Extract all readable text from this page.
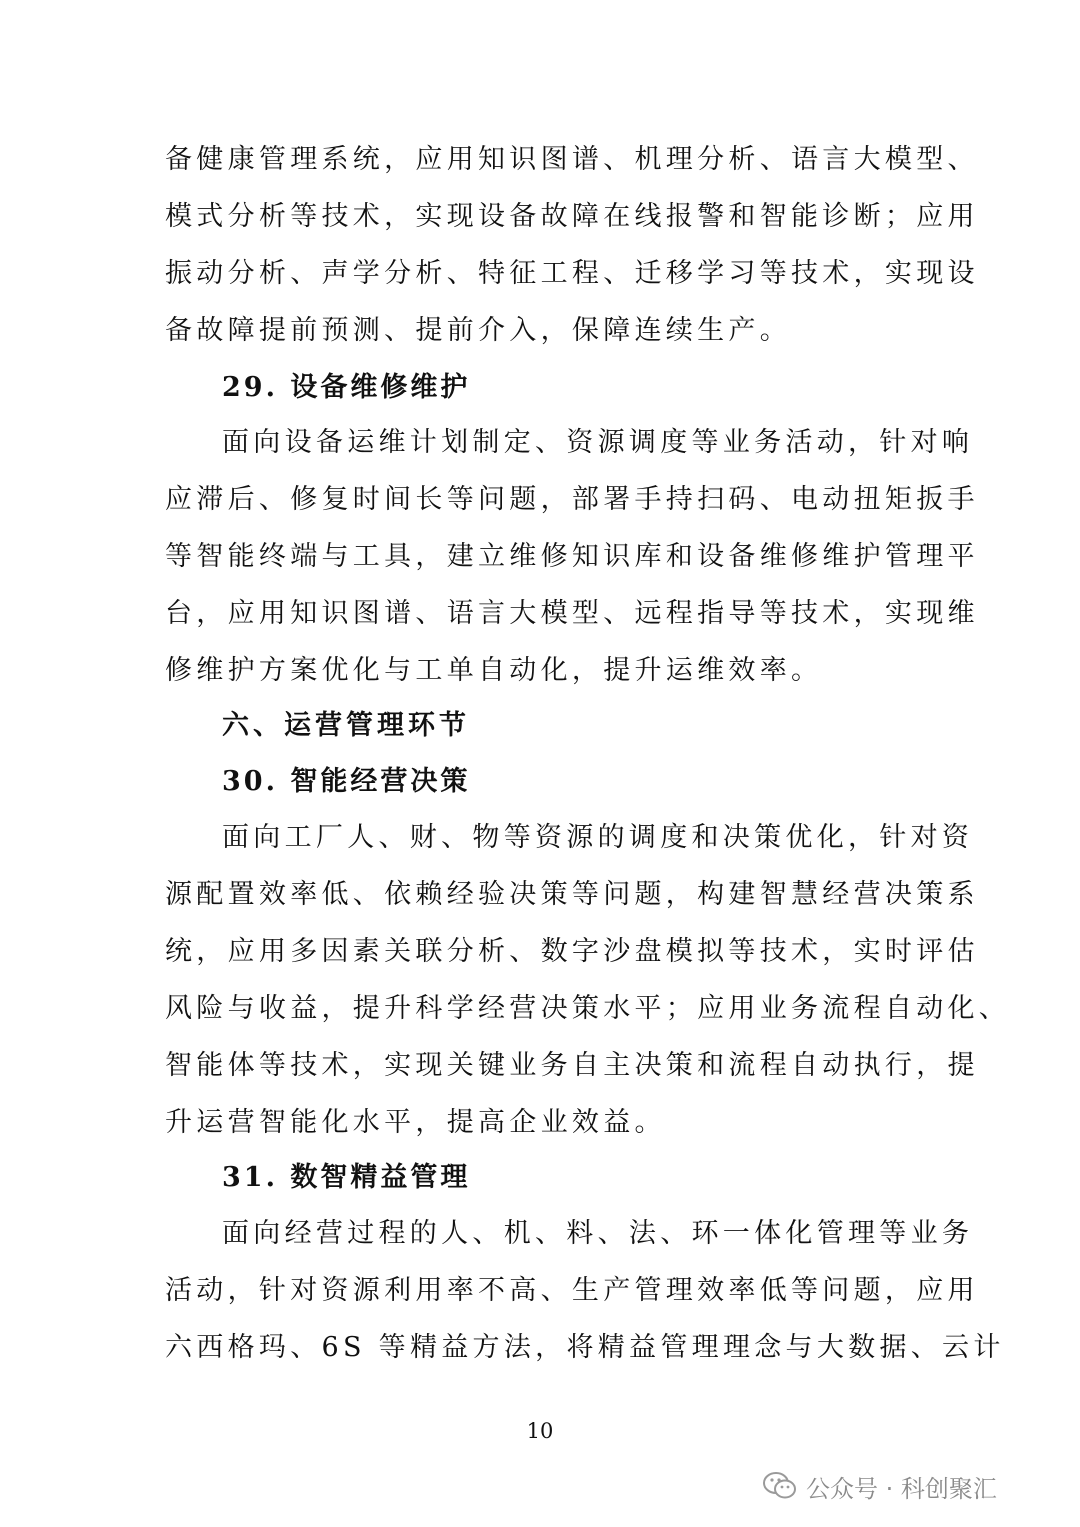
备健康管理系统，应用知识图谱、机理分析、语言大模型、
模式分析等技术，实现设备故障在线报警和智能诊断；应用
振动分析、声学分析、特征工程、迁移学习等技术，实现设
备故障提前预测、提前介入，保障连续生产。
29. 设备维修维护
面向设备运维计划制定、资源调度等业务活动，针对响
应滞后、修复时间长等问题，部署手持扫码、电动扭矩扳手
等智能终端与工具，建立维修知识库和设备维修维护管理平
台，应用知识图谱、语言大模型、远程指导等技术，实现维
修维护方案优化与工单自动化，提升运维效率。
六、运营管理环节
30. 智能经营决策
面向工厂人、财、物等资源的调度和决策优化，针对资
源配置效率低、依赖经验决策等问题，构建智慧经营决策系
统，应用多因素关联分析、数字沙盘模拟等技术，实时评估
风险与收益，提升科学经营决策水平；应用业务流程自动化、
智能体等技术，实现关键业务自主决策和流程自动执行，提
升运营智能化水平，提高企业效益。
31. 数智精益管理
面向经营过程的人、机、料、法、环一体化管理等业务
活动，针对资源利用率不高、生产管理效率低等问题，应用
六西格玛、6S 等精益方法，将精益管理理念与大数据、云计
10
公众号 · 科创聚汇
